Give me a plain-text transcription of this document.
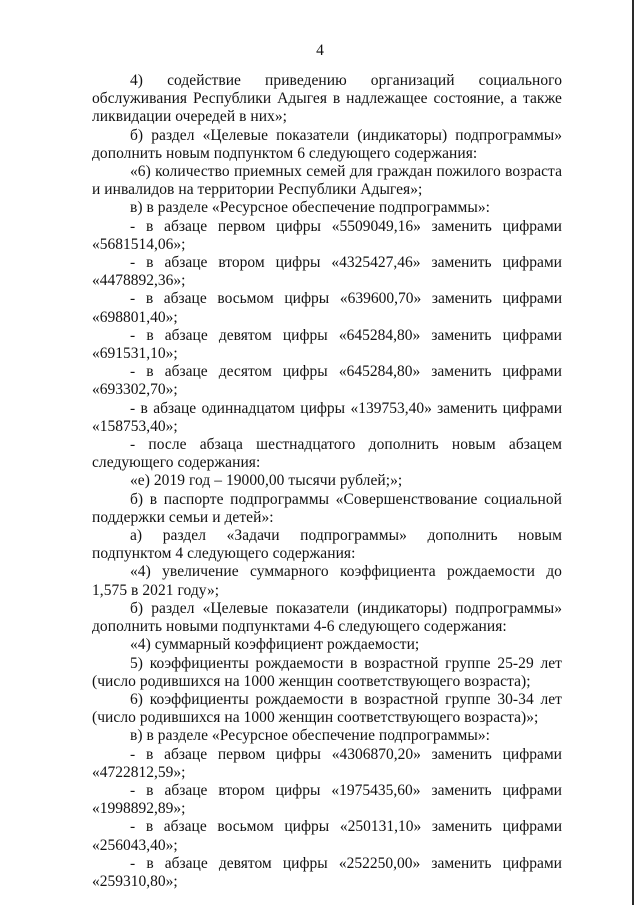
4

4) содействие приведению организаций социального обслуживания Республики Адыгея в надлежащее состояние, а также ликвидации очередей в них»;

б) раздел «Целевые показатели (индикаторы) подпрограммы» дополнить новым подпунктом 6 следующего содержания:

«6) количество приемных семей для граждан пожилого возраста и инвалидов на территории Республики Адыгея»;

в) в разделе «Ресурсное обеспечение подпрограммы»:

- в абзаце первом цифры «5509049,16» заменить цифрами

«5681514,06»;

- в абзаце втором цифры «4325427,46» заменить цифрами

«4478892,36»;

- в абзаце восьмом цифры «639600,70» заменить цифрами

«698801,40»;

- в абзаце девятом цифры «645284,80» заменить цифрами

«691531,10»;

- в абзаце десятом цифры «645284,80» заменить цифрами

«693302,70»;

- в абзаце одиннадцатом цифры «139753,40» заменить цифрами

«158753,40»;

- после абзаца шестнадцатого дополнить новым абзацем следующего содержания:

«е) 2019 год – 19000,00 тысячи рублей;»;

б) в паспорте подпрограммы «Совершенствование социальной поддержки семьи и детей»:

а) раздел «Задачи подпрограммы» дополнить новым подпунктом 4 следующего содержания:

«4) увеличение суммарного коэффициента рождаемости до 1,575 в 2021 году»;

б) раздел «Целевые показатели (индикаторы) подпрограммы» дополнить новыми подпунктами 4-6 следующего содержания:

«4) суммарный коэффициент рождаемости;

5) коэффициенты рождаемости в возрастной группе 25-29 лет (число родившихся на 1000 женщин соответствующего возраста);

6) коэффициенты рождаемости в возрастной группе 30-34 лет (число родившихся на 1000 женщин соответствующего возраста)»;

в) в разделе «Ресурсное обеспечение подпрограммы»:

- в абзаце первом цифры «4306870,20» заменить цифрами

«4722812,59»;

- в абзаце втором цифры «1975435,60» заменить цифрами

«1998892,89»;

- в абзаце восьмом цифры «250131,10» заменить цифрами

«256043,40»;

- в абзаце девятом цифры «252250,00» заменить цифрами

«259310,80»;
